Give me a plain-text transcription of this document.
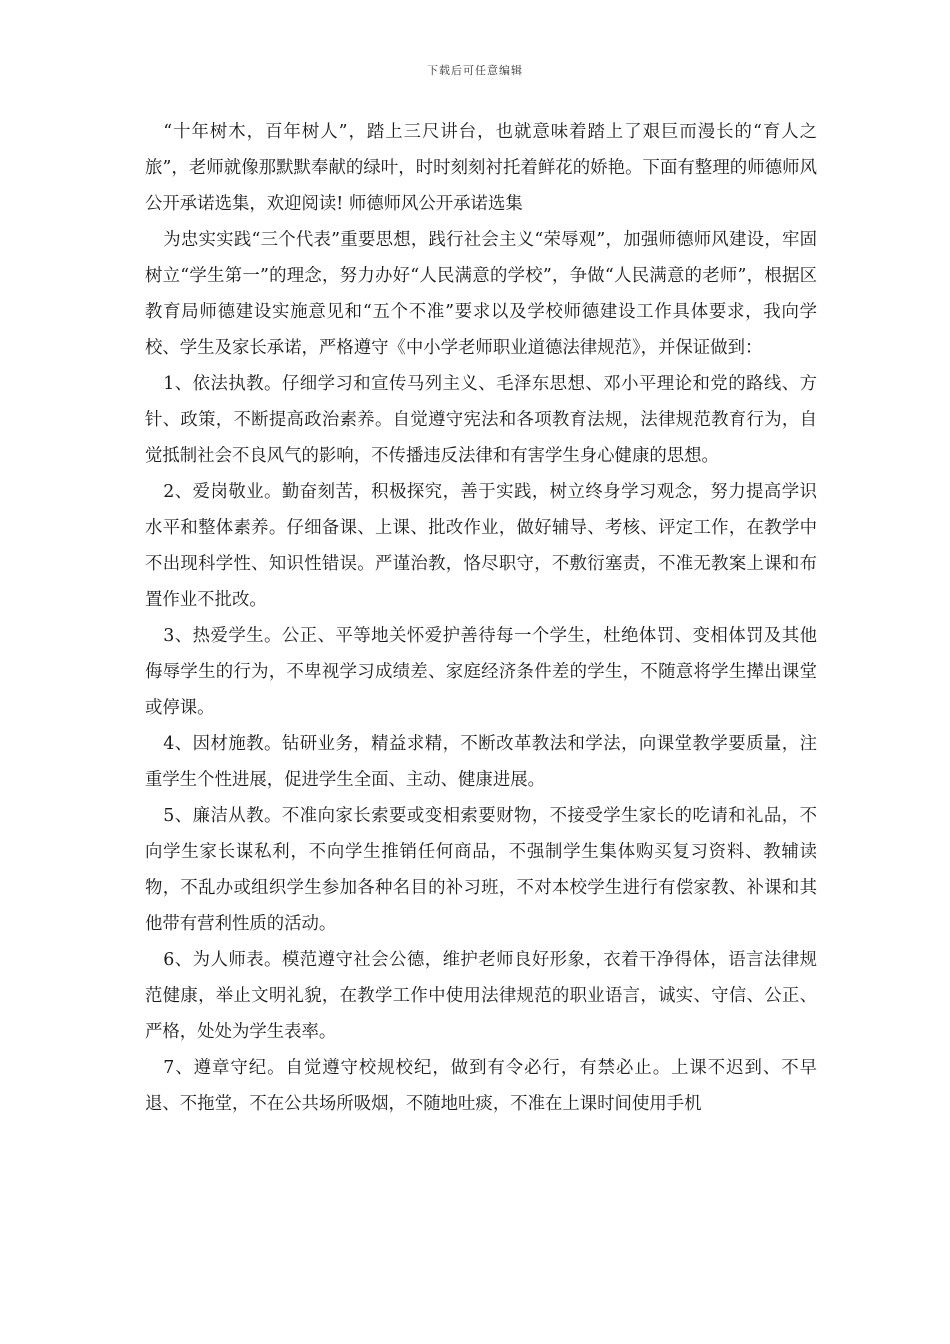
下载后可任意编辑

“十年树木，百年树人”，踏上三尺讲台，也就意味着踏上了艰巨而漫长的“育人之旅”，老师就像那默默奉献的绿叶，时时刻刻衬托着鲜花的娇艳。下面有整理的师德师风公开承诺选集，欢迎阅读! 师德师风公开承诺选集

为忠实实践“三个代表”重要思想，践行社会主义“荣辱观”，加强师德师风建设，牢固树立“学生第一”的理念，努力办好“人民满意的学校”，争做“人民满意的老师”，根据区教育局师德建设实施意见和“五个不准”要求以及学校师德建设工作具体要求，我向学校、学生及家长承诺，严格遵守《中小学老师职业道德法律规范》，并保证做到：

1、依法执教。仔细学习和宣传马列主义、毛泽东思想、邓小平理论和党的路线、方针、政策，不断提高政治素养。自觉遵守宪法和各项教育法规，法律规范教育行为，自觉抵制社会不良风气的影响，不传播违反法律和有害学生身心健康的思想。

2、爱岗敬业。勤奋刻苦，积极探究，善于实践，树立终身学习观念，努力提高学识水平和整体素养。仔细备课、上课、批改作业，做好辅导、考核、评定工作，在教学中不出现科学性、知识性错误。严谨治教，恪尽职守，不敷衍塞责，不准无教案上课和布置作业不批改。

3、热爱学生。公正、平等地关怀爱护善待每一个学生，杜绝体罚、变相体罚及其他侮辱学生的行为，不卑视学习成绩差、家庭经济条件差的学生，不随意将学生撵出课堂或停课。

4、因材施教。钻研业务，精益求精，不断改革教法和学法，向课堂教学要质量，注重学生个性进展，促进学生全面、主动、健康进展。

5、廉洁从教。不准向家长索要或变相索要财物，不接受学生家长的吃请和礼品，不向学生家长谋私利，不向学生推销任何商品，不强制学生集体购买复习资料、教辅读物，不乱办或组织学生参加各种名目的补习班，不对本校学生进行有偿家教、补课和其他带有营利性质的活动。

6、为人师表。模范遵守社会公德，维护老师良好形象，衣着干净得体，语言法律规范健康，举止文明礼貌，在教学工作中使用法律规范的职业语言，诚实、守信、公正、严格，处处为学生表率。

7、遵章守纪。自觉遵守校规校纪，做到有令必行，有禁必止。上课不迟到、不早退、不拖堂，不在公共场所吸烟，不随地吐痰，不准在上课时间使用手机
